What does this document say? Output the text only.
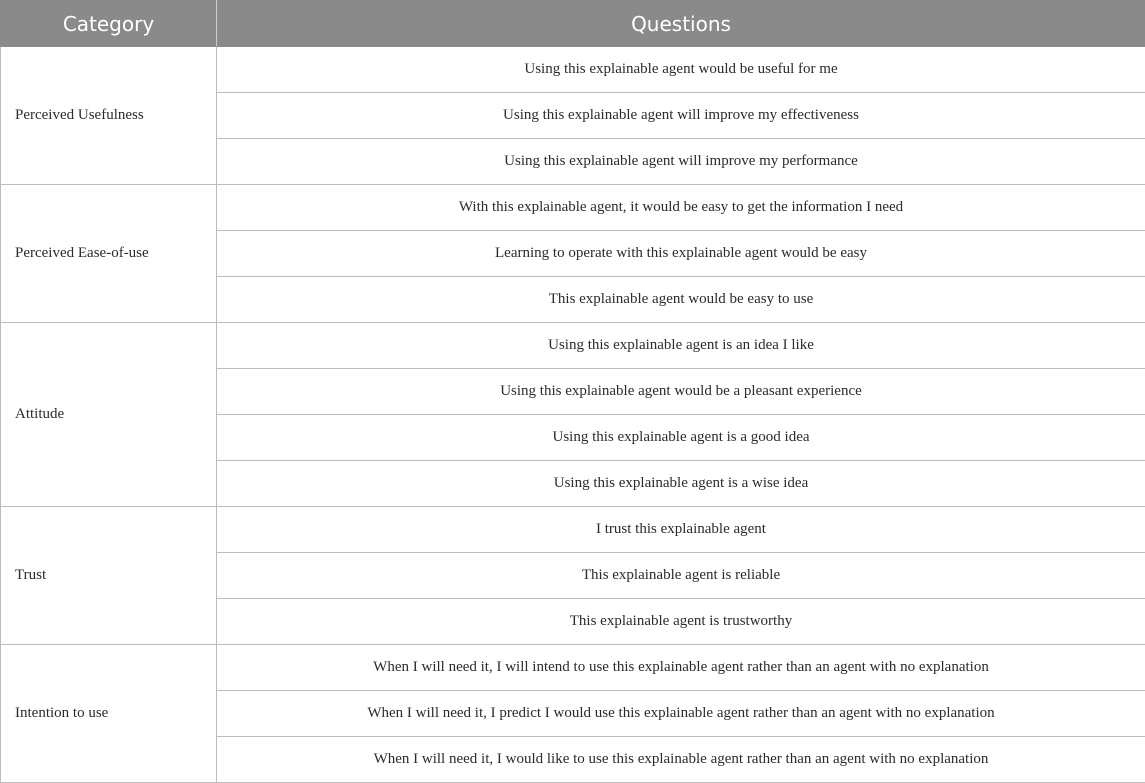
Category	Questions
Perceived Usefulness	Using this explainable agent would be useful for me
	Using this explainable agent will improve my effectiveness
	Using this explainable agent will improve my performance
Perceived Ease-of-use	With this explainable agent, it would be easy to get the information I need
	Learning to operate with this explainable agent would be easy
	This explainable agent would be easy to use
Attitude	Using this explainable agent is an idea I like
	Using this explainable agent would be a pleasant experience
	Using this explainable agent is a good idea
	Using this explainable agent is a wise idea
Trust	I trust this explainable agent
	This explainable agent is reliable
	This explainable agent is trustworthy
Intention to use	When I will need it, I will intend to use this explainable agent rather than an agent with no explanation
	When I will need it, I predict I would use this explainable agent rather than an agent with no explanation
	When I will need it, I would like to use this explainable agent rather than an agent with no explanation
